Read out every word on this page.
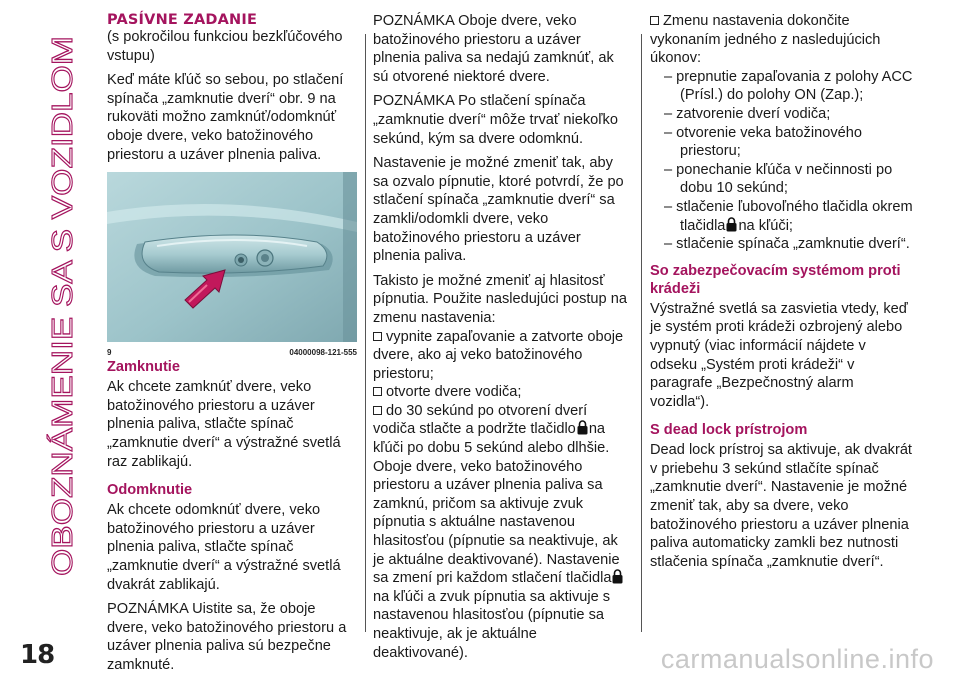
OBOZNÁMENIE SA S VOZIDLOM
PASÍVNE ZADANIE

(s pokročilou funkciou bezkľúčového vstupu)

Keď máte kľúč so sebou, po stlačení spínača „zamknutie dverí“ obr. 9 na rukoväti možno zamknúť/odomknúť oboje dvere, veko batožinového priestoru a uzáver plnenia paliva.

9	04000098-121-555
Zamknutie

Ak chcete zamknúť dvere, veko batožinového priestoru a uzáver plnenia paliva, stlačte spínač „zamknutie dverí“ a výstražné svetlá raz zablikajú.

Odomknutie

Ak chcete odomknúť dvere, veko batožinového priestoru a uzáver plnenia paliva, stlačte spínač „zamknutie dverí“ a výstražné svetlá dvakrát zablikajú.

POZNÁMKA Uistite sa, že oboje dvere, veko batožinového priestoru a uzáver plnenia paliva sú bezpečne zamknuté.

POZNÁMKA Oboje dvere, veko batožinového priestoru a uzáver plnenia paliva sa nedajú zamknúť, ak sú otvorené niektoré dvere.

POZNÁMKA Po stlačení spínača „zamknutie dverí“ môže trvať niekoľko sekúnd, kým sa dvere odomknú.

Nastavenie je možné zmeniť tak, aby sa ozvalo pípnutie, ktoré potvrdí, že po stlačení spínača „zamknutie dverí“ sa zamkli/odomkli dvere, veko batožinového priestoru a uzáver plnenia paliva.

Takisto je možné zmeniť aj hlasitosť pípnutia. Použite nasledujúci postup na zmenu nastavenia:

vypnite zapaľovanie a zatvorte oboje dvere, ako aj veko batožinového priestoru;
otvorte dvere vodiča;
do 30 sekúnd po otvorení dverí vodiča stlačte a podržte tlačidlo na kľúči po dobu 5 sekúnd alebo dlhšie. Oboje dvere, veko batožinového priestoru a uzáver plnenia paliva sa zamknú, pričom sa aktivuje zvuk pípnutia s aktuálne nastavenou hlasitosťou (pípnutie sa neaktivuje, ak je aktuálne deaktivované). Nastavenie sa zmení pri každom stlačení tlačidlana kľúči a zvuk pípnutia sa aktivuje s nastavenou hlasitosťou (pípnutie sa neaktivuje, ak je aktuálne deaktivované).
Zmenu nastavenia dokončite vykonaním jedného z nasledujúcich úkonov:
– prepnutie zapaľovania z polohy ACC (Prísl.) do polohy ON (Zap.);
– zatvorenie dverí vodiča;
– otvorenie veka batožinového priestoru;
– ponechanie kľúča v nečinnosti po dobu 10 sekúnd;
– stlačenie ľubovoľného tlačidla okrem tlačidla na kľúči;
– stlačenie spínača „zamknutie dverí“.
So zabezpečovacím systémom proti krádeži

Výstražné svetlá sa zasvietia vtedy, keď je systém proti krádeži ozbrojený alebo vypnutý (viac informácií nájdete v odseku „Systém proti krádeži“ v paragrafe „Bezpečnostný alarm vozidla“).

S dead lock prístrojom

Dead lock prístroj sa aktivuje, ak dvakrát v priebehu 3 sekúnd stlačíte spínač „zamknutie dverí“. Nastavenie je možné zmeniť tak, aby sa dvere, veko batožinového priestoru a uzáver plnenia paliva automaticky zamkli bez nutnosti stlačenia spínača „zamknutie dverí“.

18	carmanualsonline.info
